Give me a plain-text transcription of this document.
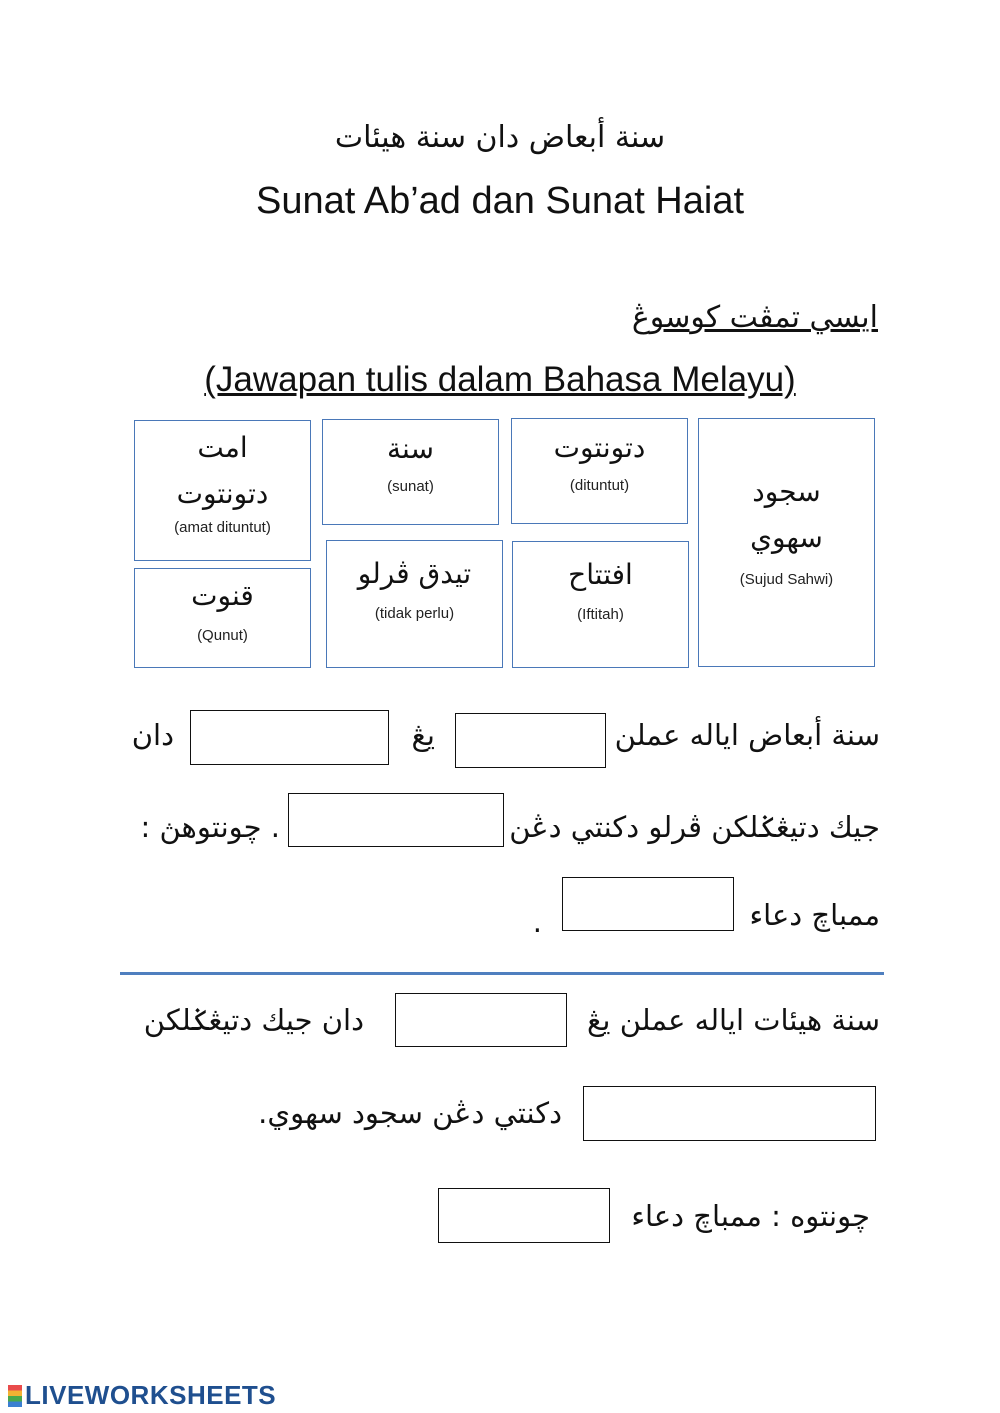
سنة أبعاض دان سنة هيئات
Sunat Ab’ad dan Sunat Haiat
ايسي تمڤت كوسوڠ
(Jawapan tulis dalam Bahasa Melayu)
امت دتونتوت
(amat dituntut)
سنة
(sunat)
دتونتوت
(dituntut)	سجود سهوي
(Sujud Sahwi)
قنوت
(Qunut)
تيدق ڤرلو
(tidak perlu)
افتتاح
(Iftitah)
سنة أبعاض اياله عملن
يڠ
دان
جيك دتيڠݢلكن ڤرلو دكنتي دڠن
. چونتوهڽ :
ممباچ دعاء
.
سنة هيئات اياله عملن يڠ
دان جيك دتيڠݢلكن
دكنتي دڠن سجود سهوي.
چونتوه : ممباچ دعاء
LIVEWORKSHEETS
